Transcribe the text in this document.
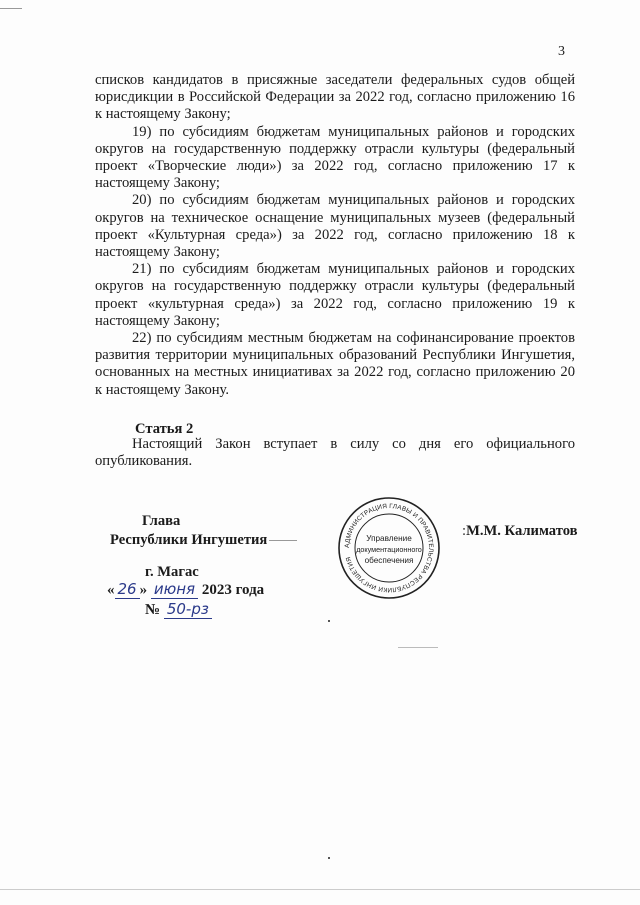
3

списков кандидатов в присяжные заседатели федеральных судов общей юрисдикции в Российской Федерации за 2022 год, согласно приложению 16 к настоящему Закону;

19) по субсидиям бюджетам муниципальных районов и городских округов на государственную поддержку отрасли культуры (федеральный проект «Творческие люди») за 2022 год, согласно приложению 17 к настоящему Закону;

20) по субсидиям бюджетам муниципальных районов и городских округов на техническое оснащение муниципальных музеев (федеральный проект «Культурная среда») за 2022 год, согласно приложению 18 к настоящему Закону;

21) по субсидиям бюджетам муниципальных районов и городских округов на государственную поддержку отрасли культуры (федеральный проект «культурная среда») за 2022 год, согласно приложению 19 к настоящему Закону;

22) по субсидиям местным бюджетам на софинансирование проектов развития территории муниципальных образований Республики Ингушетия, основанных на местных инициативах за 2022 год, согласно приложению 20 к настоящему Закону.

Статья 2

Настоящий Закон вступает в силу со дня его официального опубликования.

Глава
Республики Ингушетия	АДМИНИСТРАЦИЯ ГЛАВЫ И ПРАВИТЕЛЬСТВА РЕСПУБЛИКИ ИНГУШЕТИЯ
Управление
документационного
обеспечения
:М.М. Калиматов
г. Магас
« 26 » июня 2023 года
№ 50-рз
